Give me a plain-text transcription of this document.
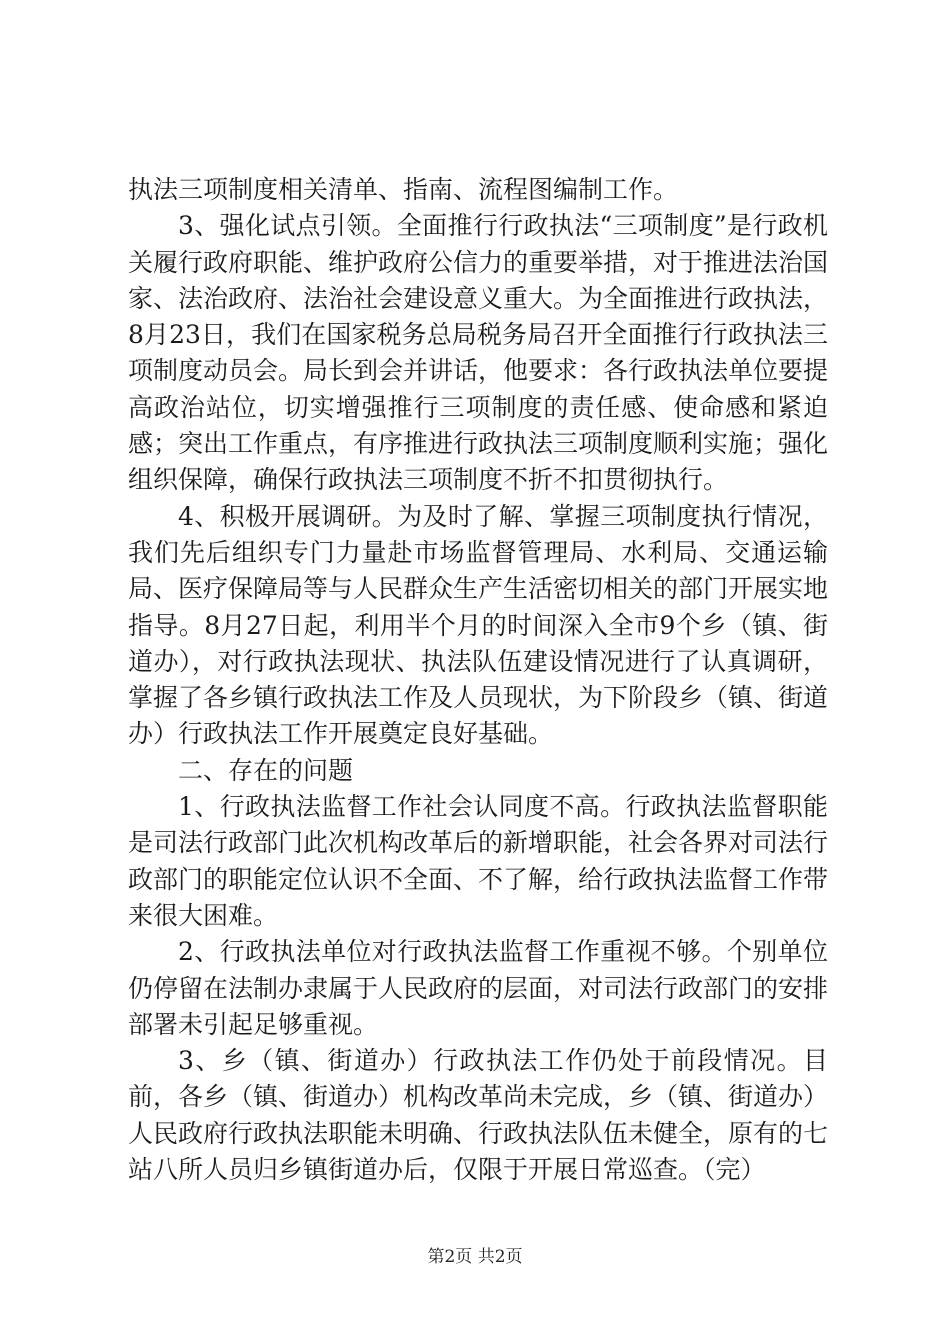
执法三项制度相关清单、指南、流程图编制工作。

3、强化试点引领。全面推行行政执法“三项制度”是行政机关履行政府职能、维护政府公信力的重要举措，对于推进法治国家、法治政府、法治社会建设意义重大。为全面推进行政执法，8月23日，我们在国家税务总局税务局召开全面推行行政执法三项制度动员会。局长到会并讲话，他要求：各行政执法单位要提高政治站位，切实增强推行三项制度的责任感、使命感和紧迫感；突出工作重点，有序推进行政执法三项制度顺利实施；强化组织保障，确保行政执法三项制度不折不扣贯彻执行。

4、积极开展调研。为及时了解、掌握三项制度执行情况，我们先后组织专门力量赴市场监督管理局、水利局、交通运输局、医疗保障局等与人民群众生产生活密切相关的部门开展实地指导。8月27日起，利用半个月的时间深入全市9个乡（镇、街道办），对行政执法现状、执法队伍建设情况进行了认真调研，掌握了各乡镇行政执法工作及人员现状，为下阶段乡（镇、街道办）行政执法工作开展奠定良好基础。

二、存在的问题

1、行政执法监督工作社会认同度不高。行政执法监督职能是司法行政部门此次机构改革后的新增职能，社会各界对司法行政部门的职能定位认识不全面、不了解，给行政执法监督工作带来很大困难。

2、行政执法单位对行政执法监督工作重视不够。个别单位仍停留在法制办隶属于人民政府的层面，对司法行政部门的安排部署未引起足够重视。

3、乡（镇、街道办）行政执法工作仍处于前段情况。目前，各乡（镇、街道办）机构改革尚未完成，乡（镇、街道办）人民政府行政执法职能未明确、行政执法队伍未健全，原有的七站八所人员归乡镇街道办后，仅限于开展日常巡查。（完）

第2页 共2页
